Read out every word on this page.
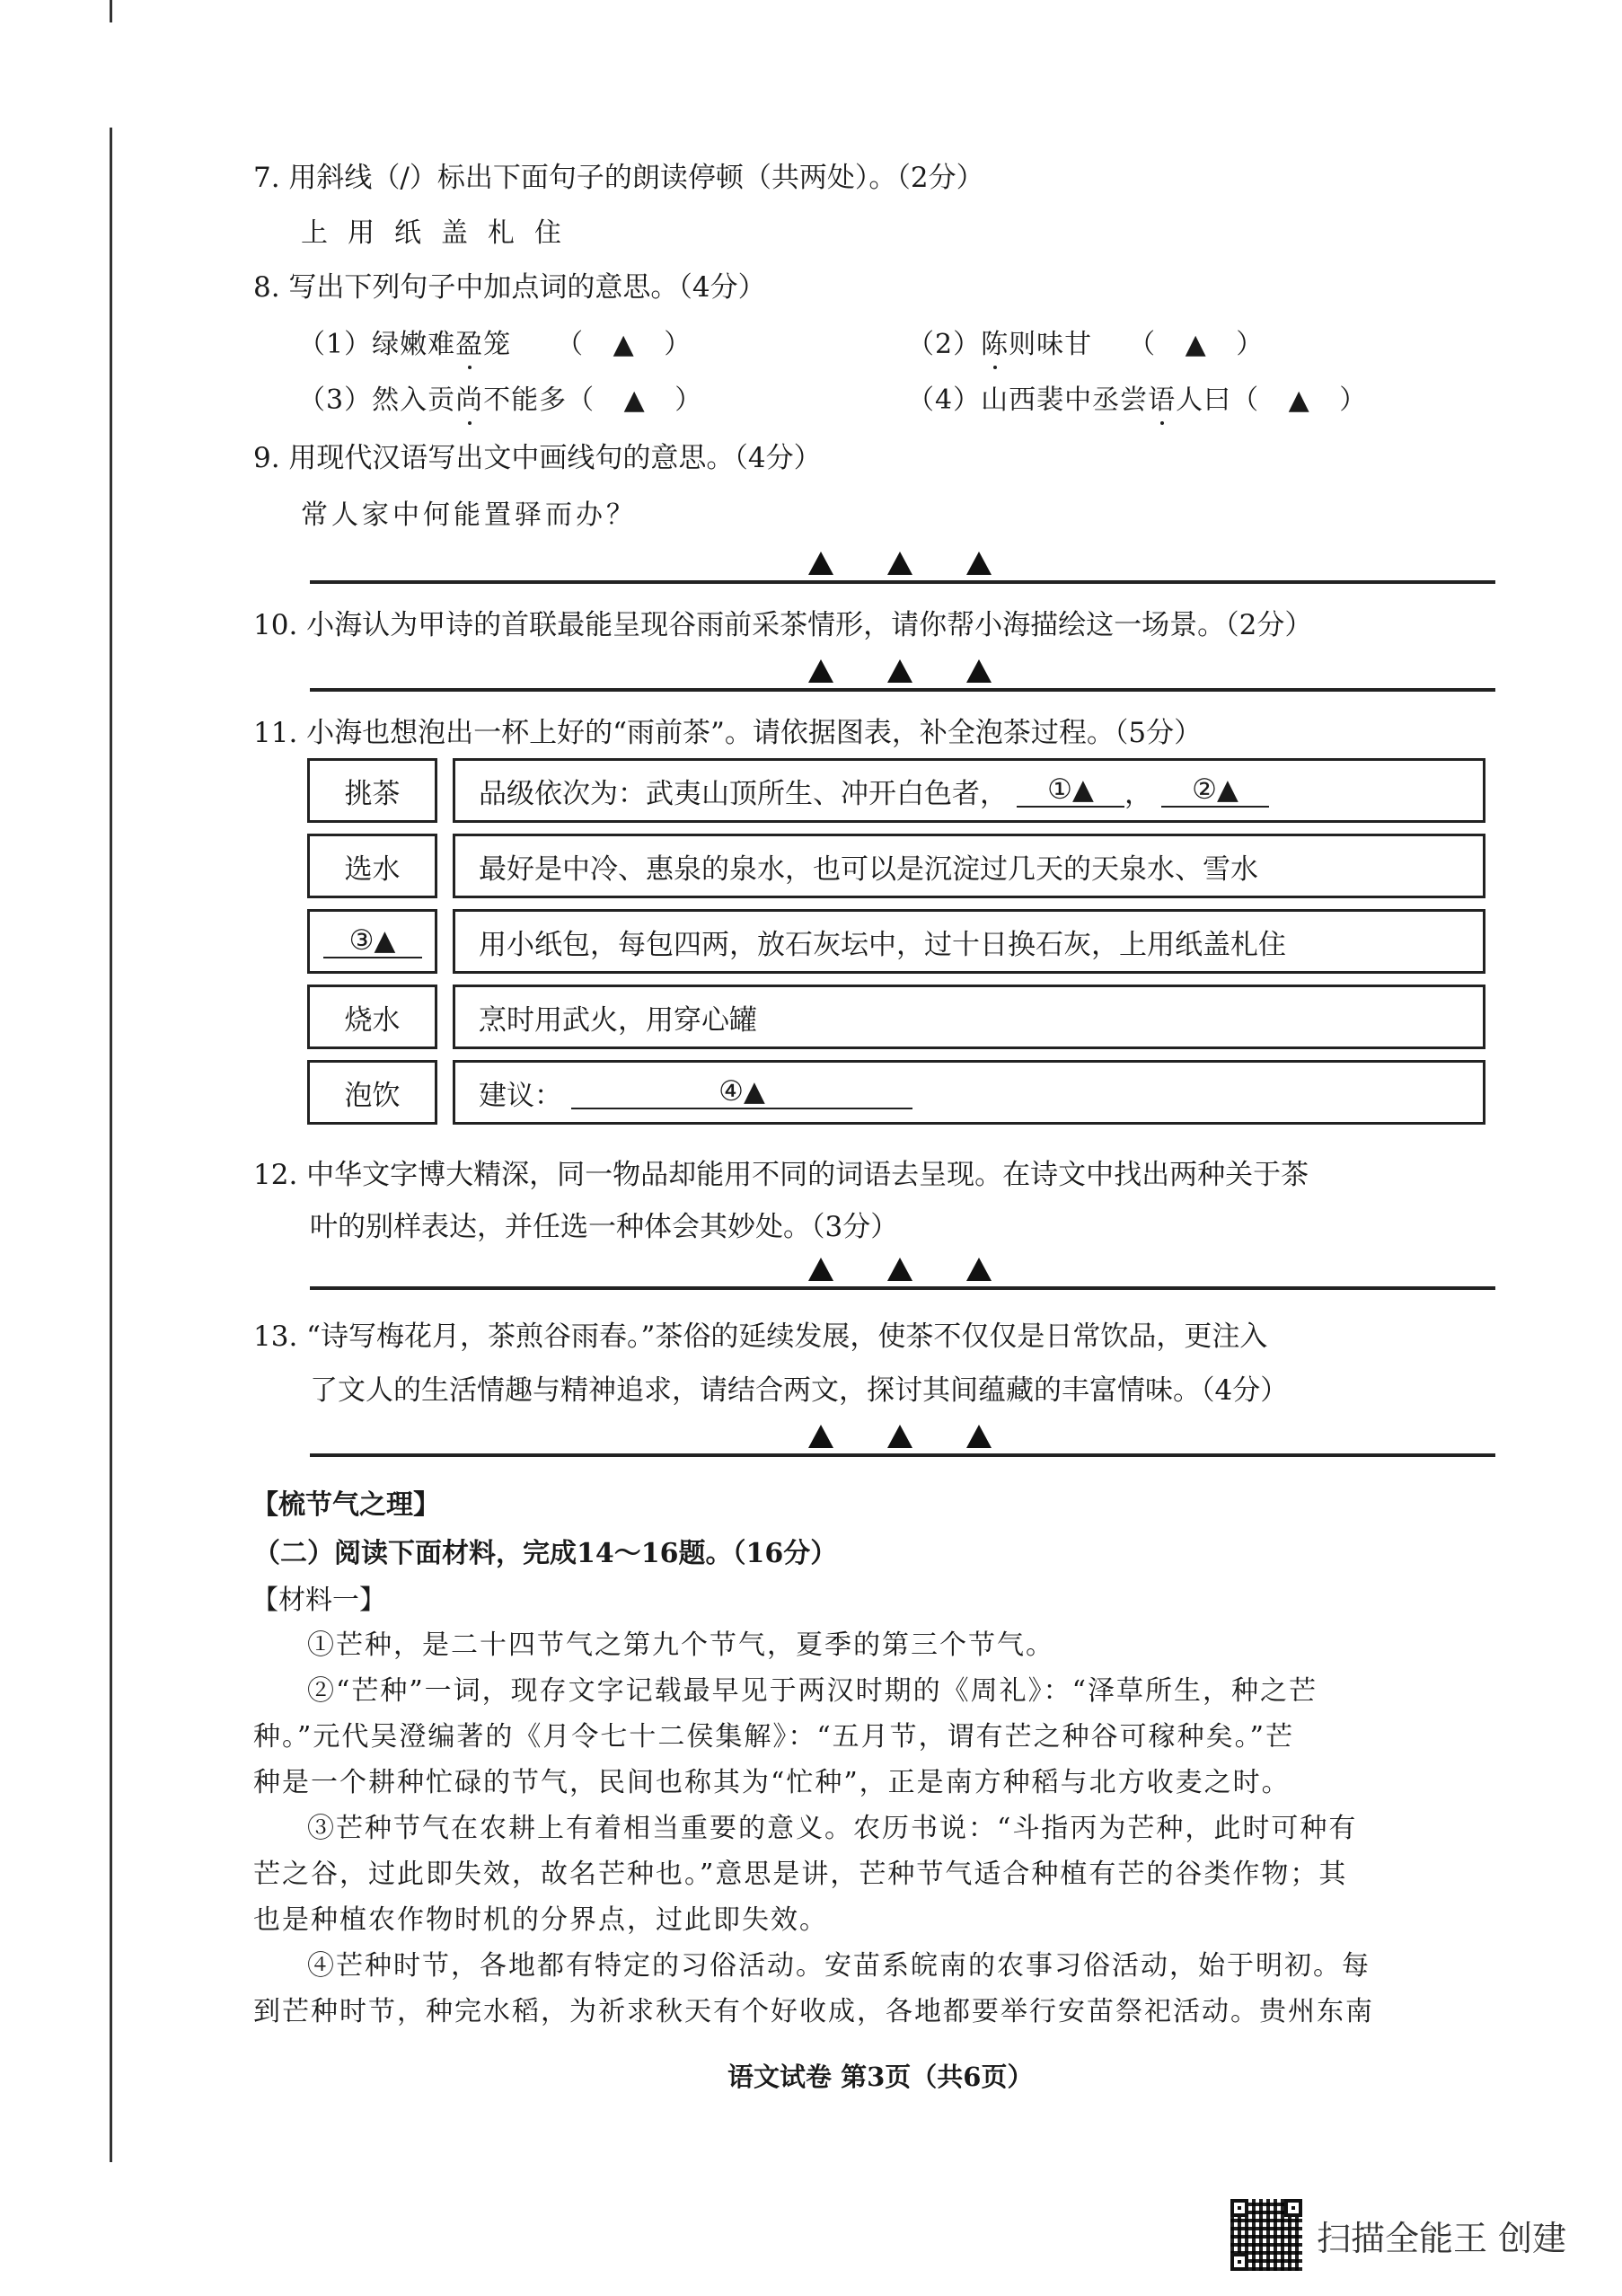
7. 用斜线（/）标出下面句子的朗读停顿（共两处）。（2分）
上用纸盖札住
8. 写出下列句子中加点词的意思。（4分）
（1）绿嫩难盈笼 （ ▲ ）	（2）陈则味甘 （ ▲ ）
（3）然入贡尚不能多（ ▲ ）	（4）山西裴中丞尝语人曰（ ▲ ）
9. 用现代汉语写出文中画线句的意思。（4分）
常人家中何能置驿而办？
10. 小海认为甲诗的首联最能呈现谷雨前采茶情形，请你帮小海描绘这一场景。（2分）
11. 小海也想泡出一杯上好的“雨前茶”。请依据图表，补全泡茶过程。（5分）
挑茶	品级依次为：武夷山顶所生、冲开白色者，	①▲	，	②▲
选水	最好是中冷、惠泉的泉水，也可以是沉淀过几天的天泉水、雪水
③▲	用小纸包，每包四两，放石灰坛中，过十日换石灰，上用纸盖札住
烧水	烹时用武火，用穿心罐
泡饮	建议：	④▲
12. 中华文字博大精深，同一物品却能用不同的词语去呈现。在诗文中找出两种关于茶
叶的别样表达，并任选一种体会其妙处。（3分）
13. “诗写梅花月，茶煎谷雨春。”茶俗的延续发展，使茶不仅仅是日常饮品，更注入
了文人的生活情趣与精神追求，请结合两文，探讨其间蕴藏的丰富情味。（4分）
【梳节气之理】
（二）阅读下面材料，完成14～16题。（16分）
【材料一】
①芒种，是二十四节气之第九个节气，夏季的第三个节气。
②“芒种”一词，现存文字记载最早见于两汉时期的《周礼》：“泽草所生，种之芒
种。”元代吴澄编著的《月令七十二侯集解》：“五月节，谓有芒之种谷可稼种矣。”芒
种是一个耕种忙碌的节气，民间也称其为“忙种”，正是南方种稻与北方收麦之时。
③芒种节气在农耕上有着相当重要的意义。农历书说：“斗指丙为芒种，此时可种有
芒之谷，过此即失效，故名芒种也。”意思是讲，芒种节气适合种植有芒的谷类作物；其
也是种植农作物时机的分界点，过此即失效。
④芒种时节，各地都有特定的习俗活动。安苗系皖南的农事习俗活动，始于明初。每
到芒种时节，种完水稻，为祈求秋天有个好收成，各地都要举行安苗祭祀活动。贵州东南
语文试卷 第3页（共6页）
扫描全能王 创建
